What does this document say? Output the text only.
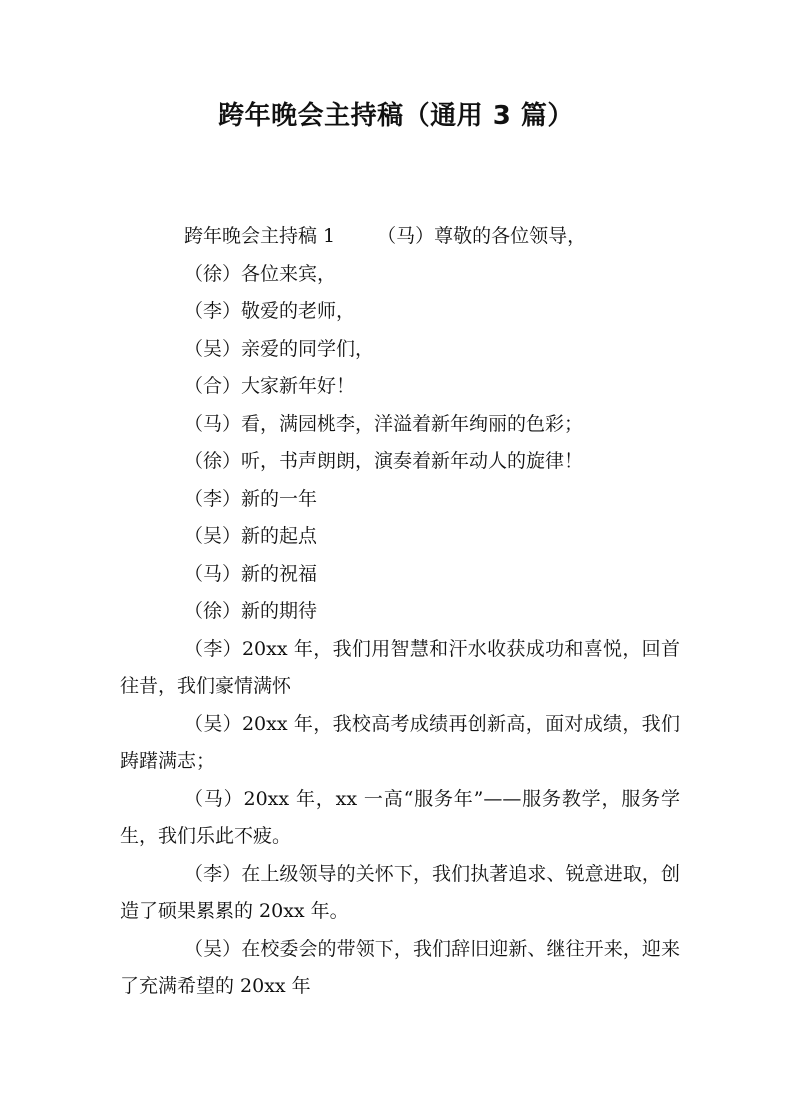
跨年晚会主持稿（通用 3 篇）

跨年晚会主持稿 1 （马）尊敬的各位领导，

（徐）各位来宾，

（李）敬爱的老师，

（吴）亲爱的同学们，

（合）大家新年好！

（马）看，满园桃李，洋溢着新年绚丽的色彩；

（徐）听，书声朗朗，演奏着新年动人的旋律！

（李）新的一年

（吴）新的起点

（马）新的祝福

（徐）新的期待

（李）20xx 年，我们用智慧和汗水收获成功和喜悦，回首往昔，我们豪情满怀

（吴）20xx 年，我校高考成绩再创新高，面对成绩，我们踌躇满志；

（马）20xx 年，xx 一高“服务年”——服务教学，服务学生，我们乐此不疲。

（李）在上级领导的关怀下，我们执著追求、锐意进取，创造了硕果累累的 20xx 年。

（吴）在校委会的带领下，我们辞旧迎新、继往开来，迎来了充满希望的 20xx 年
